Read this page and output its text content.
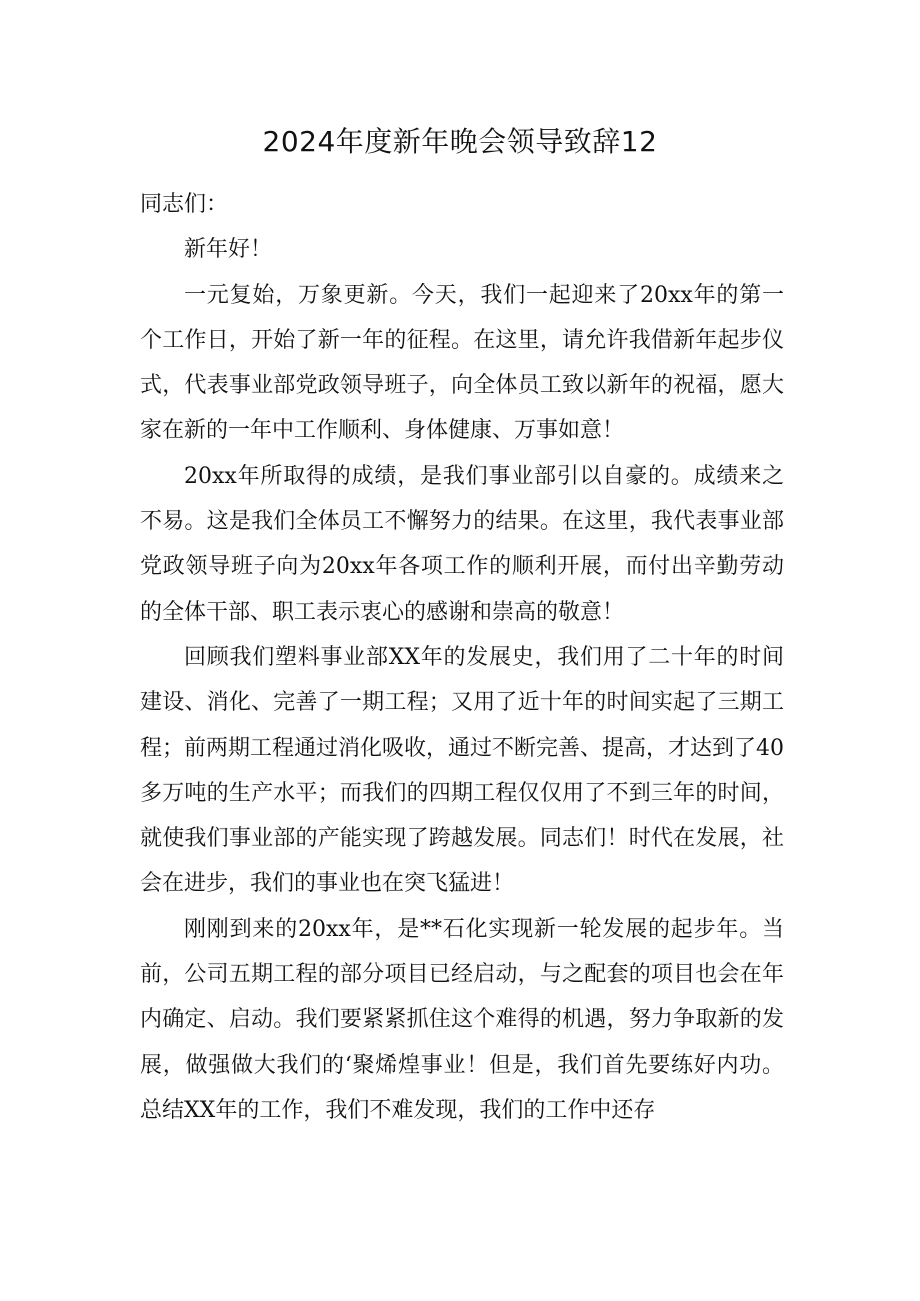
2024年度新年晚会领导致辞12

同志们：

新年好！

一元复始，万象更新。今天，我们一起迎来了20xx年的第一个工作日，开始了新一年的征程。在这里，请允许我借新年起步仪式，代表事业部党政领导班子，向全体员工致以新年的祝福，愿大家在新的一年中工作顺利、身体健康、万事如意！

20xx年所取得的成绩，是我们事业部引以自豪的。成绩来之不易。这是我们全体员工不懈努力的结果。在这里，我代表事业部党政领导班子向为20xx年各项工作的顺利开展，而付出辛勤劳动的全体干部、职工表示衷心的感谢和崇高的敬意！

回顾我们塑料事业部XX年的发展史，我们用了二十年的时间建设、消化、完善了一期工程；又用了近十年的时间实起了三期工程；前两期工程通过消化吸收，通过不断完善、提高，才达到了40多万吨的生产水平；而我们的四期工程仅仅用了不到三年的时间，就使我们事业部的产能实现了跨越发展。同志们！时代在发展，社会在进步，我们的事业也在突飞猛进！

刚刚到来的20xx年，是**石化实现新一轮发展的起步年。当前，公司五期工程的部分项目已经启动，与之配套的项目也会在年内确定、启动。我们要紧紧抓住这个难得的机遇，努力争取新的发展，做强做大我们的‘聚烯煌事业！但是，我们首先要练好内功。总结XX年的工作，我们不难发现，我们的工作中还存
